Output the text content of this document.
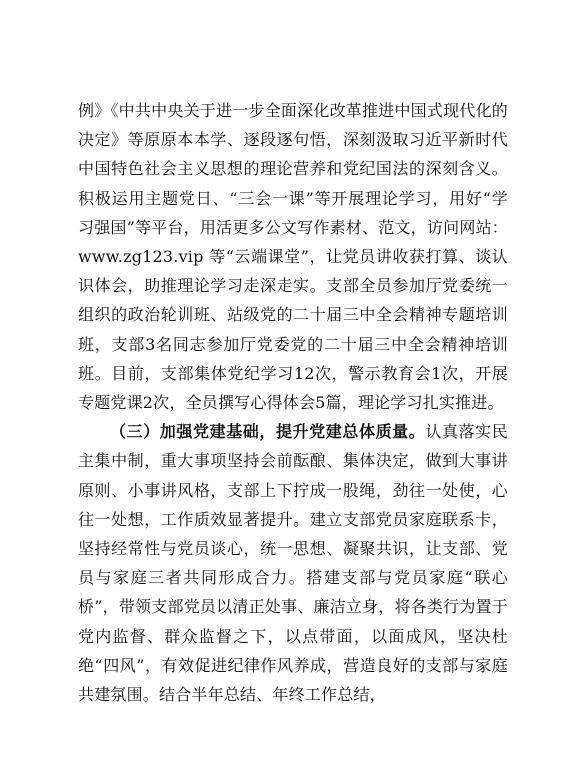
例》《中共中央关于进一步全面深化改革推进中国式现代化的决定》等原原本本学、逐段逐句悟，深刻汲取习近平新时代中国特色社会主义思想的理论营养和党纪国法的深刻含义。积极运用主题党日、“三会一课”等开展理论学习，用好“学习强国”等平台，用活更多公文写作素材、范文，访问网站：www.zg123.vip 等“云端课堂”，让党员讲收获打算、谈认识体会，助推理论学习走深走实。支部全员参加厅党委统一组织的政治轮训班、站级党的二十届三中全会精神专题培训班，支部3名同志参加厅党委党的二十届三中全会精神培训班。目前，支部集体党纪学习12次，警示教育会1次，开展专题党课2次，全员撰写心得体会5篇，理论学习扎实推进。

（三）加强党建基础，提升党建总体质量。认真落实民主集中制，重大事项坚持会前酝酿、集体决定，做到大事讲原则、小事讲风格，支部上下拧成一股绳，劲往一处使，心往一处想，工作质效显著提升。建立支部党员家庭联系卡，坚持经常性与党员谈心，统一思想、凝聚共识，让支部、党员与家庭三者共同形成合力。搭建支部与党员家庭“联心桥”，带领支部党员以清正处事、廉洁立身，将各类行为置于党内监督、群众监督之下，以点带面，以面成风，坚决杜绝“四风”，有效促进纪律作风养成，营造良好的支部与家庭共建氛围。结合半年总结、年终工作总结，
